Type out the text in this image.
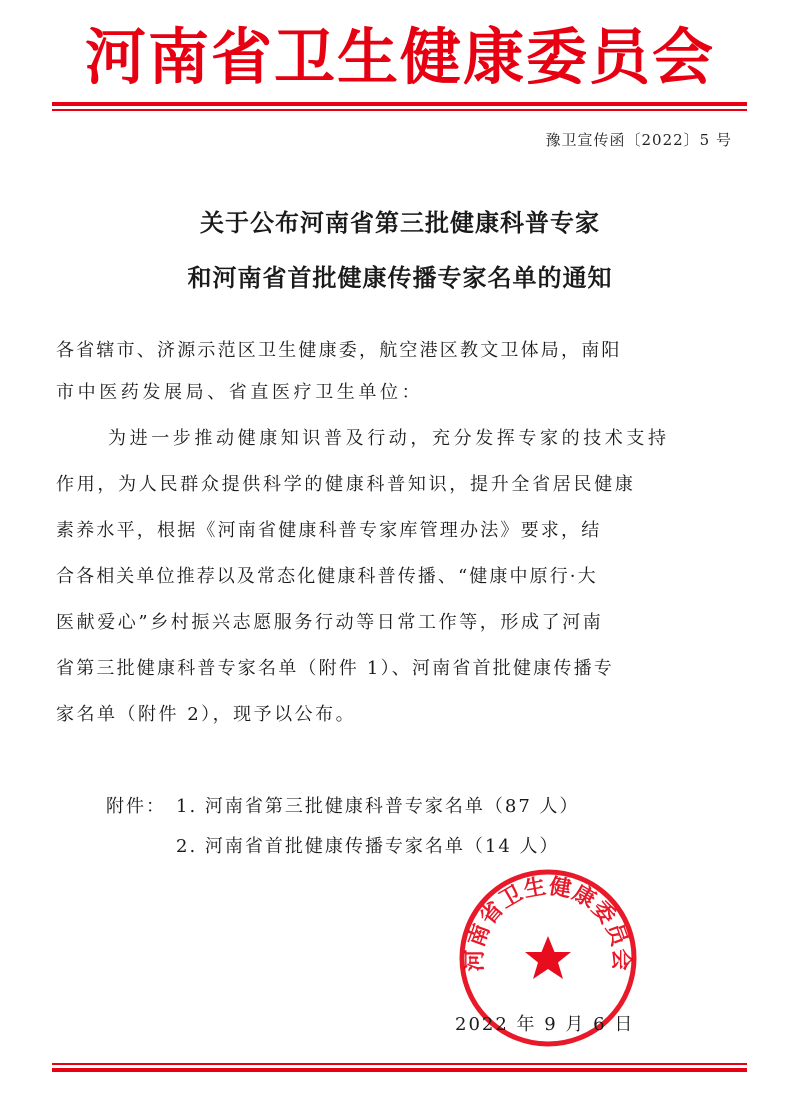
河南省卫生健康委员会
豫卫宣传函〔2022〕5 号
关于公布河南省第三批健康科普专家
和河南省首批健康传播专家名单的通知
各省辖市、济源示范区卫生健康委，航空港区教文卫体局，南阳
市中医药发展局、省直医疗卫生单位：
为进一步推动健康知识普及行动，充分发挥专家的技术支持
作用，为人民群众提供科学的健康科普知识，提升全省居民健康
素养水平，根据《河南省健康科普专家库管理办法》要求，结
合各相关单位推荐以及常态化健康科普传播、“健康中原行·大
医献爱心”乡村振兴志愿服务行动等日常工作等，形成了河南
省第三批健康科普专家名单（附件 1）、河南省首批健康传播专
家名单（附件 2），现予以公布。
附件： 1. 河南省第三批健康科普专家名单（87 人）
2. 河南省首批健康传播专家名单（14 人）
河南省卫生健康委员会
2022 年 9 月 6 日
